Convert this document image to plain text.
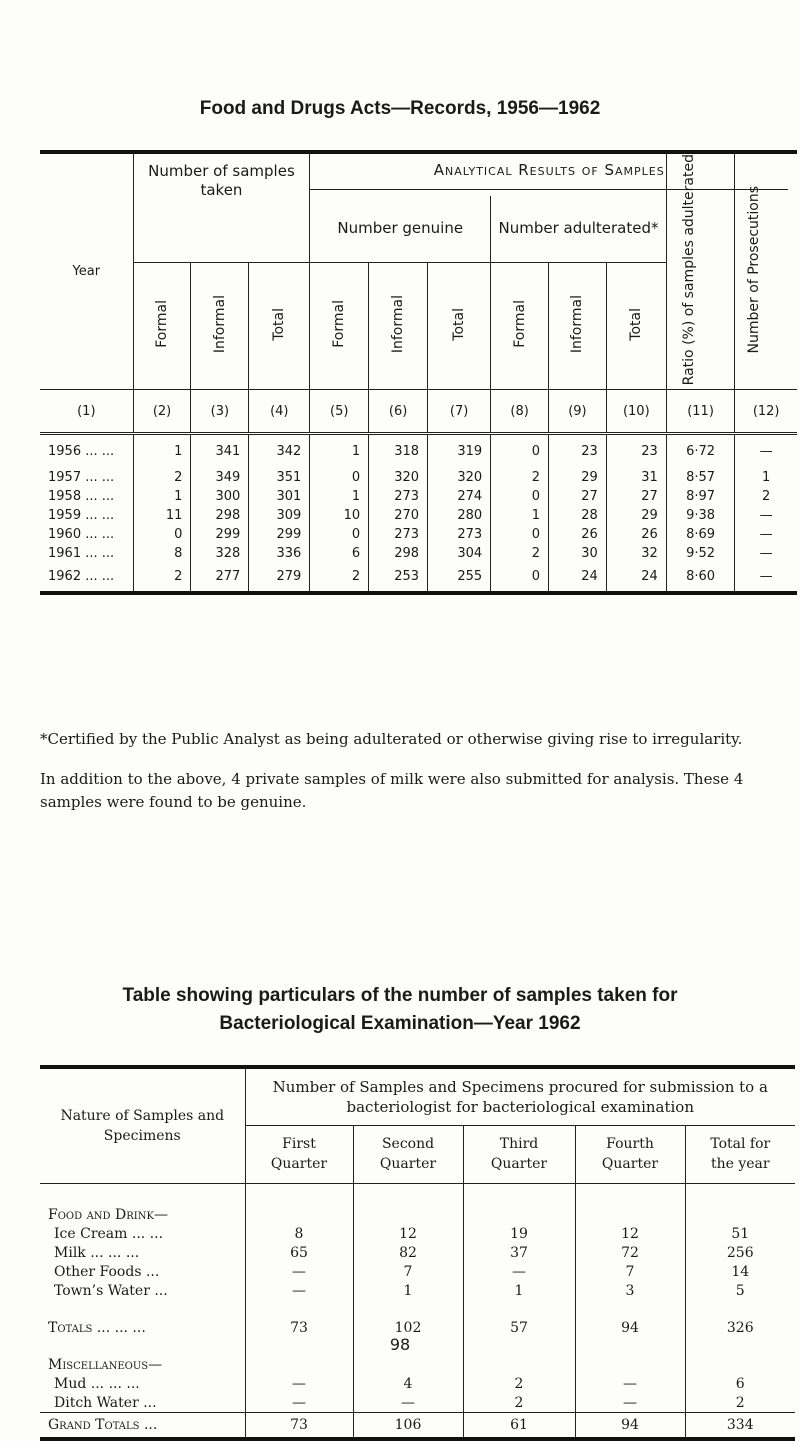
Food and Drugs Acts—Records, 1956—1962
Year	Number of samples taken			Analytical Results of Samples						Ratio (%) of samples adulterated	Number of Prosecutions
				Number genuine			Number adulterated*				
	Formal	Informal	Total	Formal	Informal	Total	Formal	Informal	Total		
(1)	(2)	(3)	(4)	(5)	(6)	(7)	(8)	(9)	(10)	(11)	(12)
1956 ... ...	1	341	342	1	318	319	0	23	23	6·72	—
1957 ... ...	2	349	351	0	320	320	2	29	31	8·57	1
1958 ... ...	1	300	301	1	273	274	0	27	27	8·97	2
1959 ... ...	11	298	309	10	270	280	1	28	29	9·38	—
1960 ... ...	0	299	299	0	273	273	0	26	26	8·69	—
1961 ... ...	8	328	336	6	298	304	2	30	32	9·52	—
1962 ... ...	2	277	279	2	253	255	0	24	24	8·60	—
*Certified by the Public Analyst as being adulterated or otherwise giving rise to irregularity.
In addition to the above, 4 private samples of milk were also submitted for analysis. These 4 samples were found to be genuine.
Table showing particulars of the number of samples taken for
Bacteriological Examination—Year 1962
Nature of Samples and Specimens	Number of Samples and Specimens procured for submission to a bacteriologist for bacteriological examination				
	First Quarter	Second Quarter	Third Quarter	Fourth Quarter	Total for the year

Food and Drink—					
Ice Cream ... ...	8	12	19	12	51
Milk ... ... ...	65	82	37	72	256
Other Foods ...	—	7	—	7	14
Town’s Water ...	—	1	1	3	5

Totals ... ... ...	73	102	57	94	326

Miscellaneous—					
Mud ... ... ...	—	4	2	—	6
Ditch Water ...	—	—	2	—	2
Grand Totals ...	73	106	61	94	334
98
